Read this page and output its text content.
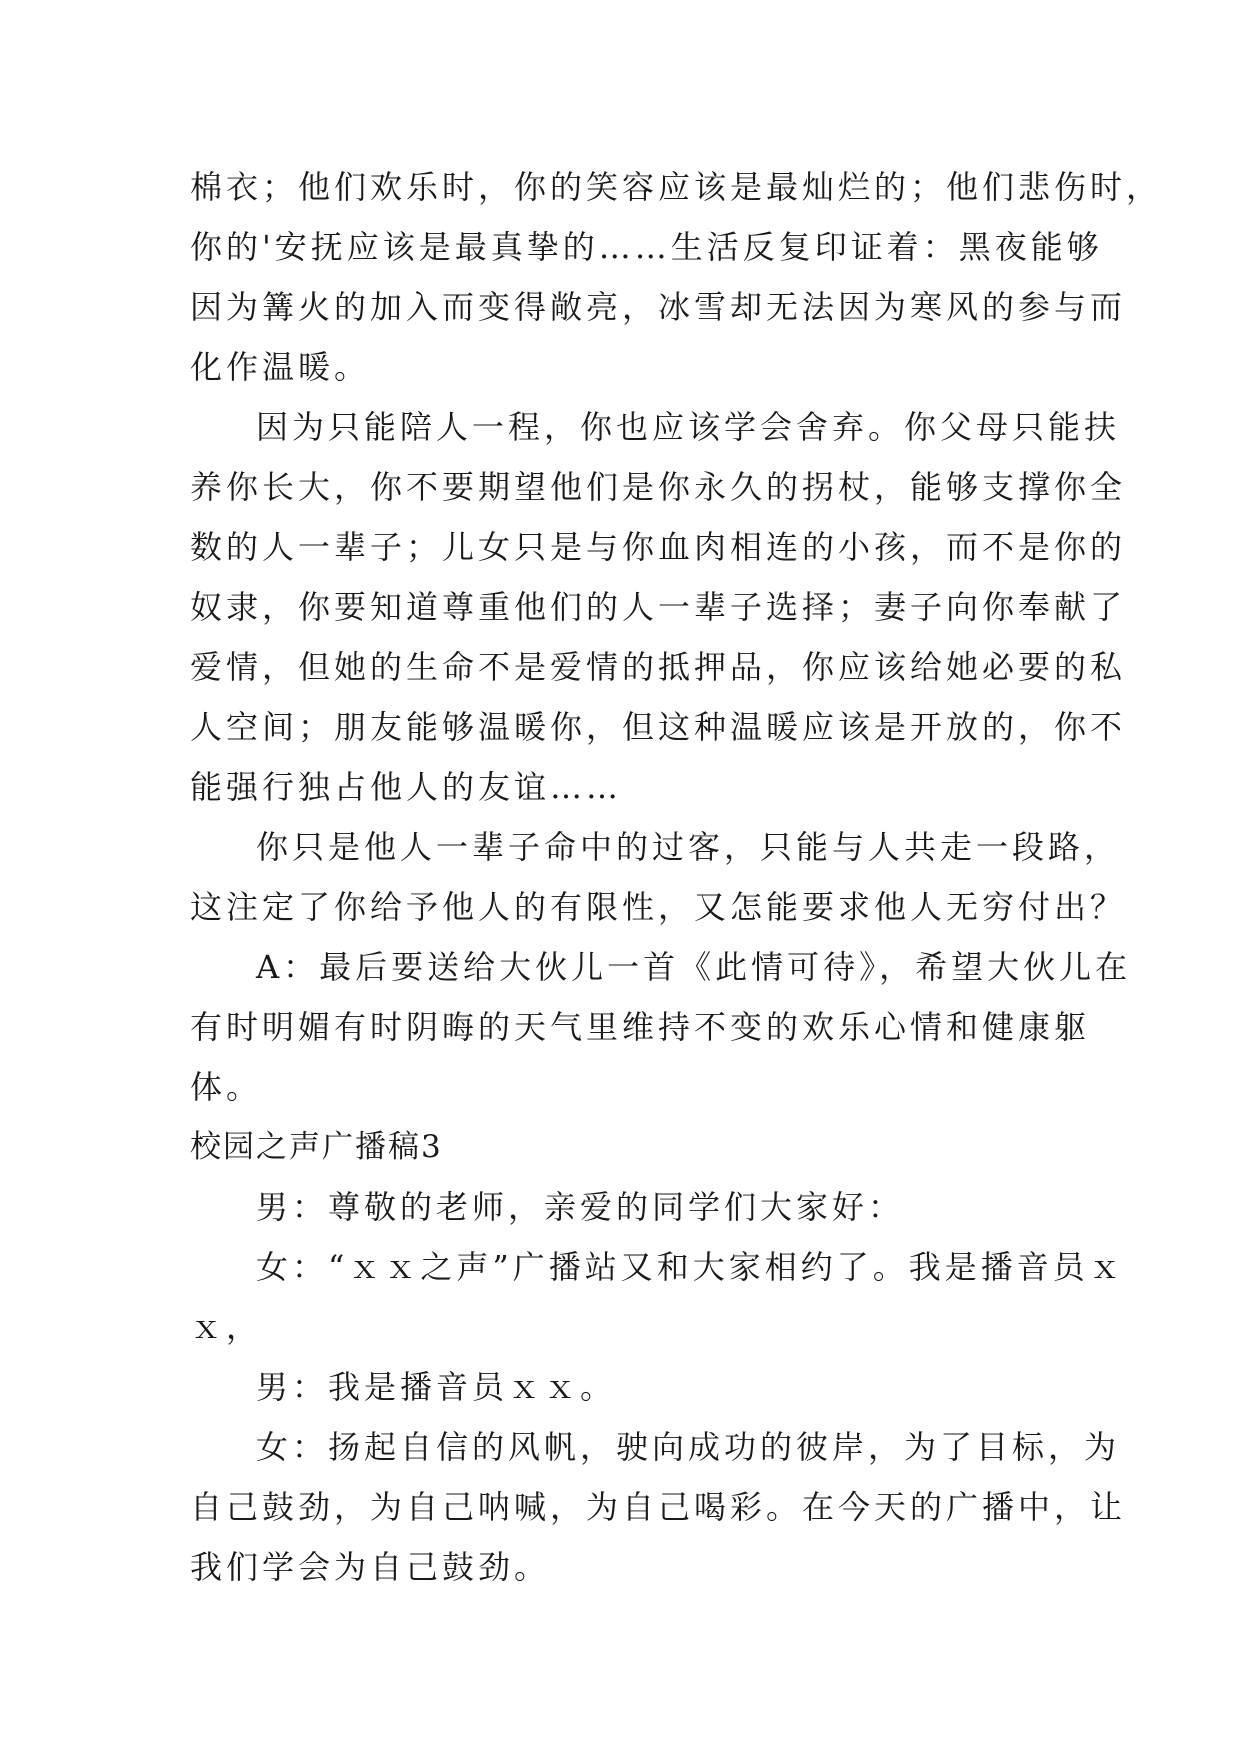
棉衣；他们欢乐时，你的笑容应该是最灿烂的；他们悲伤时，
你的'安抚应该是最真挚的……生活反复印证着：黑夜能够
因为篝火的加入而变得敞亮，冰雪却无法因为寒风的参与而
化作温暖。
因为只能陪人一程，你也应该学会舍弃。你父母只能扶
养你长大，你不要期望他们是你永久的拐杖，能够支撑你全
数的人一辈子；儿女只是与你血肉相连的小孩，而不是你的
奴隶，你要知道尊重他们的人一辈子选择；妻子向你奉献了
爱情，但她的生命不是爱情的抵押品，你应该给她必要的私
人空间；朋友能够温暖你，但这种温暖应该是开放的，你不
能强行独占他人的友谊……
你只是他人一辈子命中的过客，只能与人共走一段路，
这注定了你给予他人的有限性，又怎能要求他人无穷付出？
A：最后要送给大伙儿一首《此情可待》，希望大伙儿在
有时明媚有时阴晦的天气里维持不变的欢乐心情和健康躯
体。
校园之声广播稿3
男：尊敬的老师，亲爱的同学们大家好：
女：“ｘｘ之声”广播站又和大家相约了。我是播音员ｘ
ｘ，
男：我是播音员ｘｘ。
女：扬起自信的风帆，驶向成功的彼岸，为了目标，为
自己鼓劲，为自己呐喊，为自己喝彩。在今天的广播中，让
我们学会为自己鼓劲。
